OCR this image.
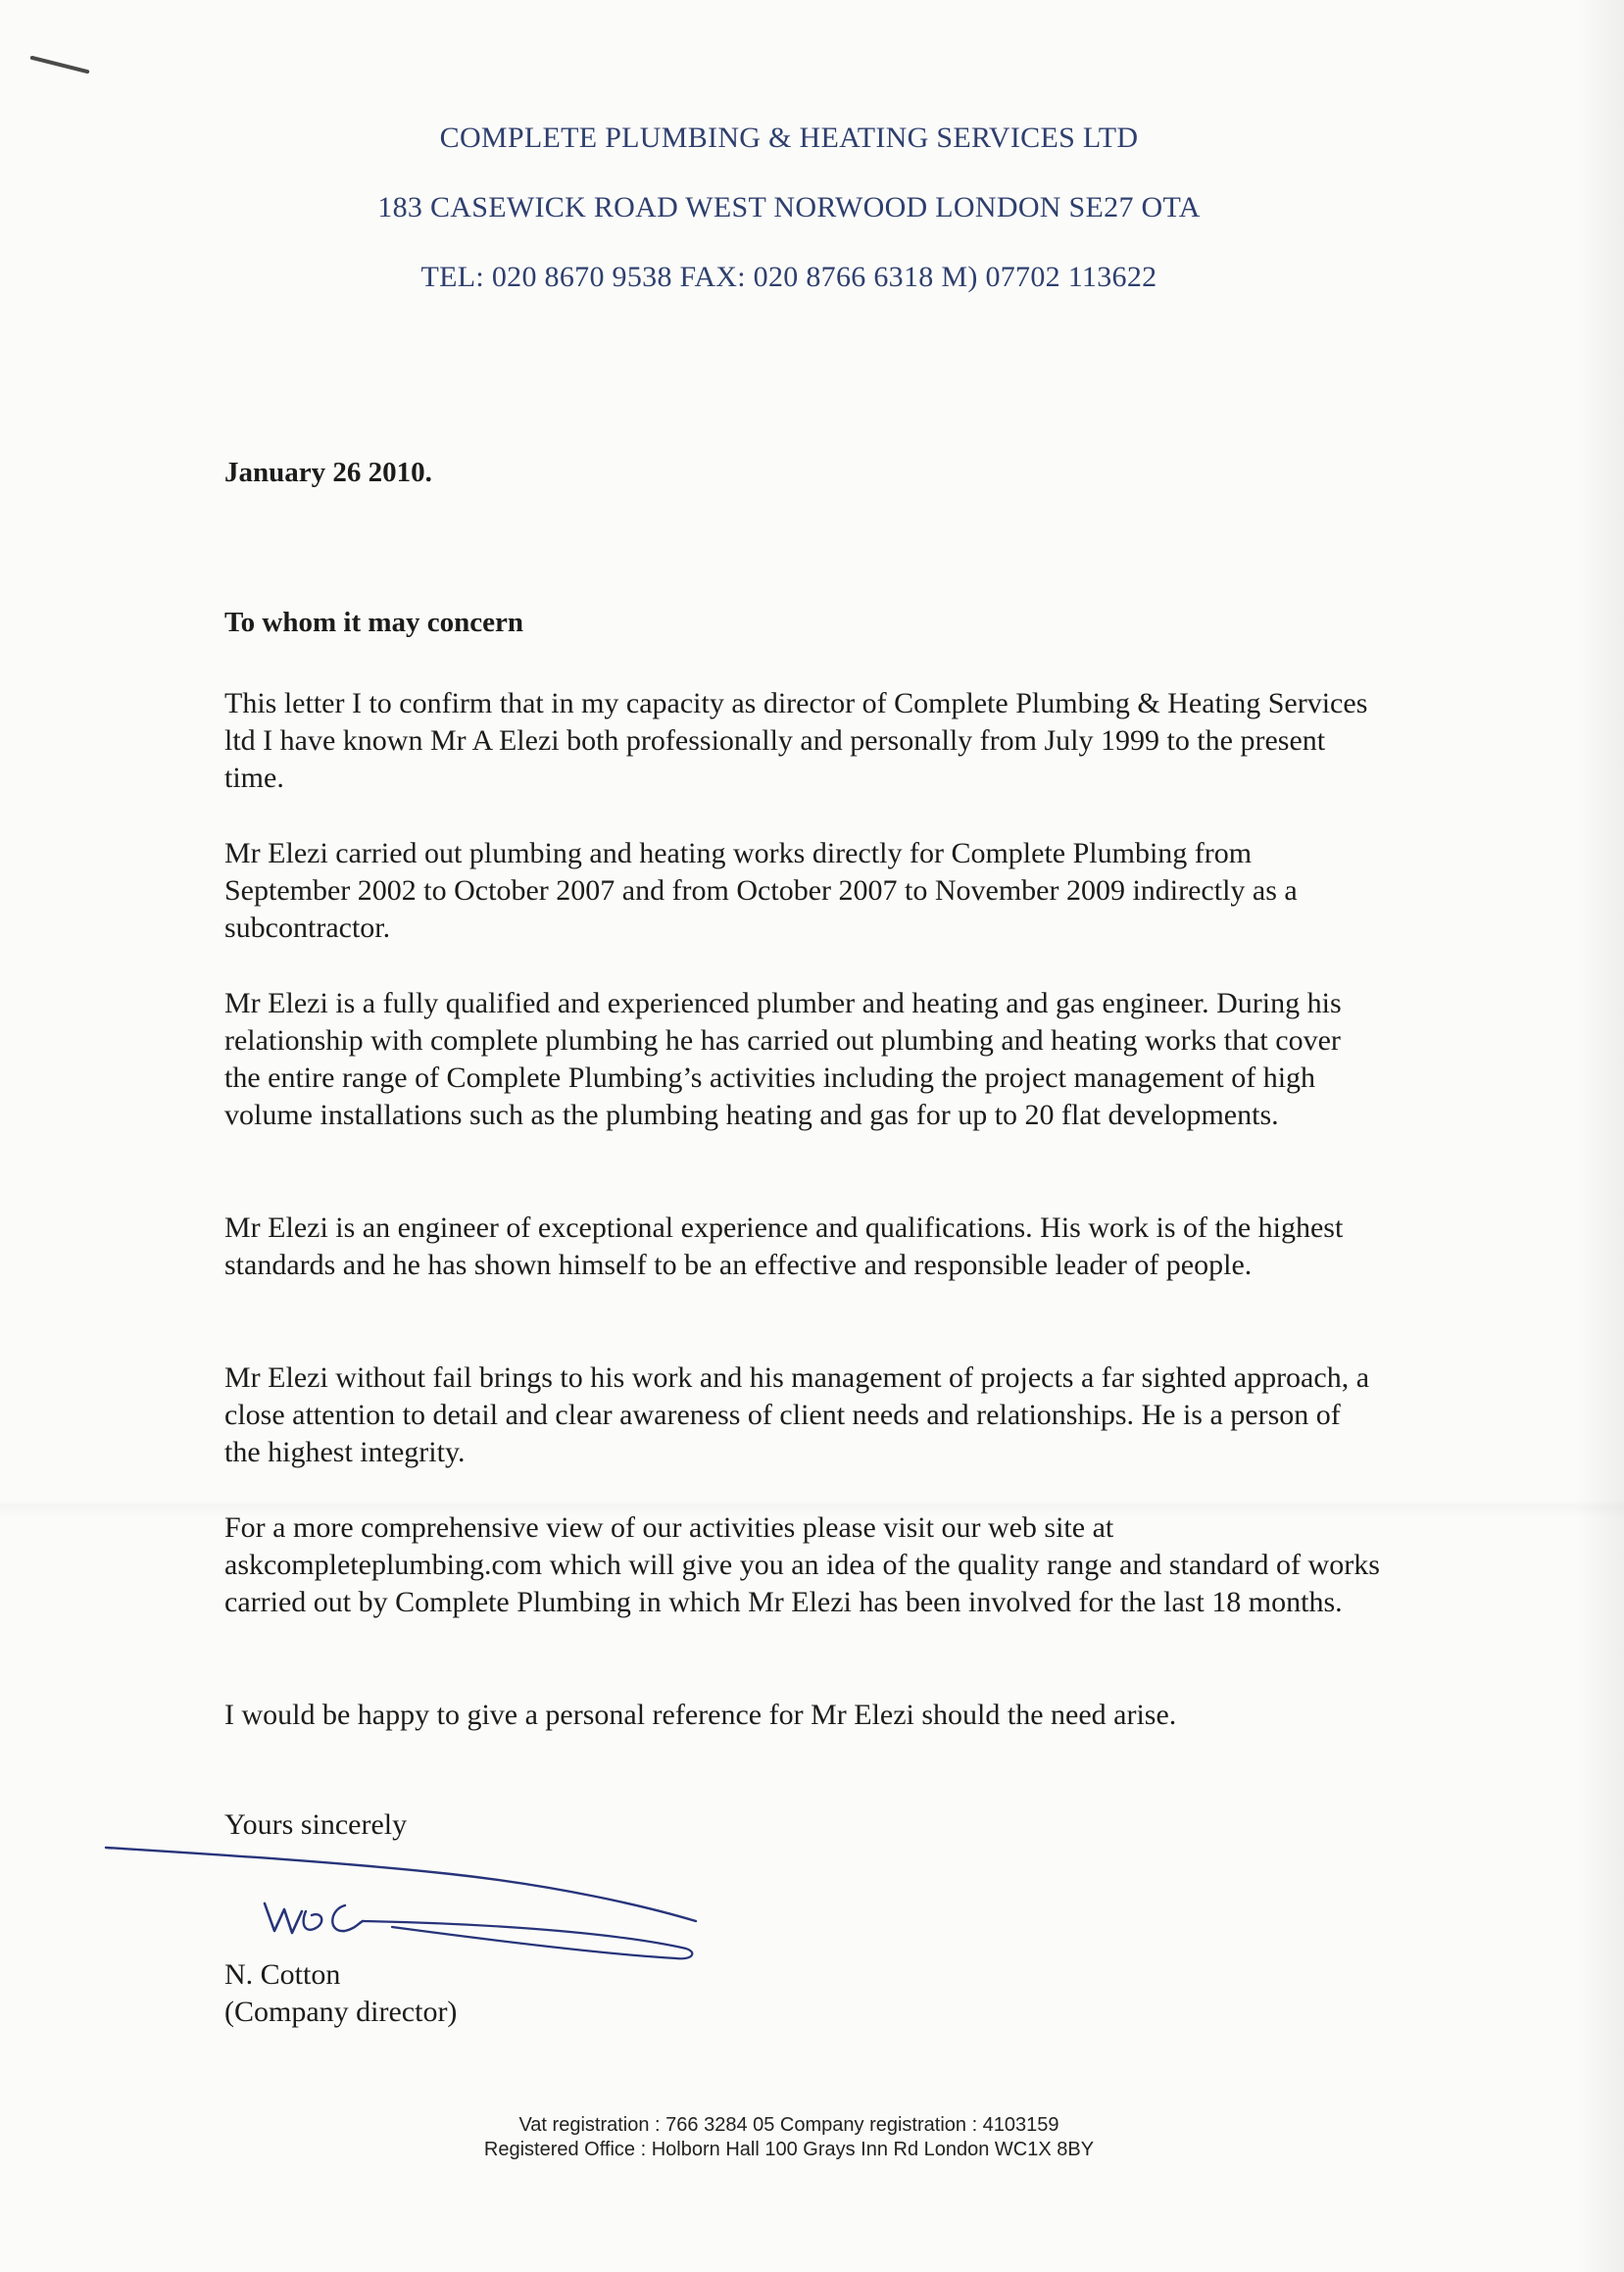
COMPLETE PLUMBING & HEATING SERVICES LTD
183 CASEWICK ROAD WEST NORWOOD LONDON SE27 OTA
TEL: 020 8670 9538 FAX: 020 8766 6318 M) 07702 113622
January 26 2010.
To whom it may concern

This letter I to confirm that in my capacity as director of Complete Plumbing & Heating Services ltd I have known Mr A Elezi both professionally and personally from July 1999 to the present time.

Mr Elezi carried out plumbing and heating works directly for Complete Plumbing from September 2002 to October 2007 and from October 2007 to November 2009 indirectly as a subcontractor.

Mr Elezi is a fully qualified and experienced plumber and heating and gas engineer. During his relationship with complete plumbing he has carried out plumbing and heating works that cover the entire range of Complete Plumbing’s activities including the project management of high volume installations such as the plumbing heating and gas for up to 20 flat developments.

Mr Elezi is an engineer of exceptional experience and qualifications. His work is of the highest standards and he has shown himself to be an effective and responsible leader of people.

Mr Elezi without fail brings to his work and his management of projects a far sighted approach, a close attention to detail and clear awareness of client needs and relationships. He is a person of the highest integrity.

For a more comprehensive view of our activities please visit our web site at askcompleteplumbing.com which will give you an idea of the quality range and standard of works carried out by Complete Plumbing in which Mr Elezi has been involved for the last 18 months.

I would be happy to give a personal reference for Mr Elezi should the need arise.

Yours sincerely
N. Cotton
(Company director)
Vat registration : 766 3284 05 Company registration : 4103159
Registered Office : Holborn Hall 100 Grays Inn Rd London WC1X 8BY
